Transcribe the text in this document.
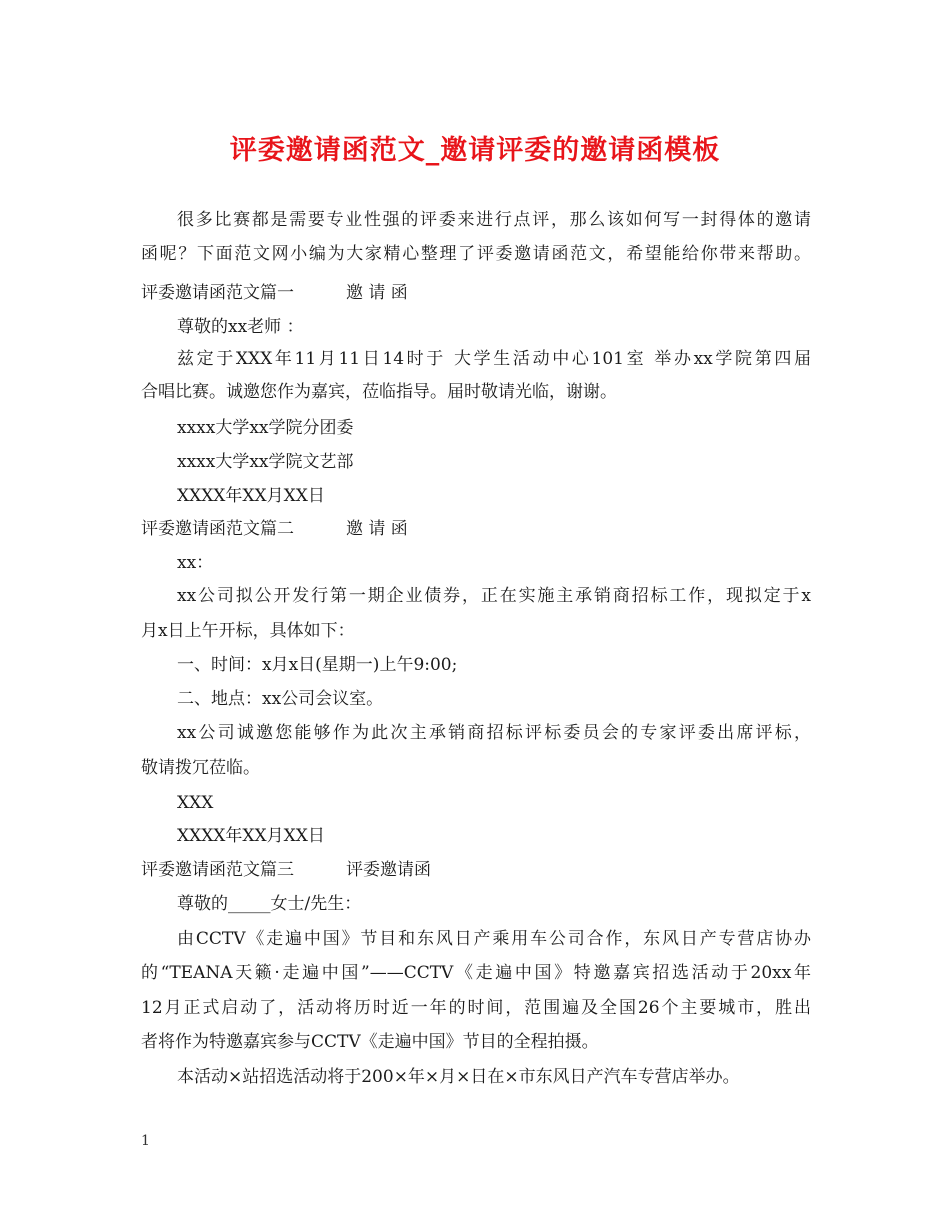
评委邀请函范文_邀请评委的邀请函模板
很多比赛都是需要专业性强的评委来进行点评，那么该如何写一封得体的邀请
函呢？下面范文网小编为大家精心整理了评委邀请函范文，希望能给你带来帮助。
评委邀请函范文篇一	邀 请 函
尊敬的xx老师 ：
兹定于XXX年11月11日14时于 大学生活动中心101室 举办xx学院第四届
合唱比赛。诚邀您作为嘉宾，莅临指导。届时敬请光临，谢谢。
xxxx大学xx学院分团委
xxxx大学xx学院文艺部
XXXX年XX月XX日
评委邀请函范文篇二	邀 请 函
xx：
xx公司拟公开发行第一期企业债券，正在实施主承销商招标工作，现拟定于x
月x日上午开标，具体如下：
一、时间：x月x日(星期一)上午9:00;
二、地点：xx公司会议室。
xx公司诚邀您能够作为此次主承销商招标评标委员会的专家评委出席评标，
敬请拨冗莅临。
XXX
XXXX年XX月XX日
评委邀请函范文篇三	评委邀请函
尊敬的_____女士/先生：
由CCTV《走遍中国》节目和东风日产乘用车公司合作，东风日产专营店协办
的“TEANA天籁·走遍中国”——CCTV《走遍中国》特邀嘉宾招选活动于20xx年
12月正式启动了，活动将历时近一年的时间，范围遍及全国26个主要城市，胜出
者将作为特邀嘉宾参与CCTV《走遍中国》节目的全程拍摄。
本活动×站招选活动将于200×年×月×日在×市东风日产汽车专营店举办。
1
